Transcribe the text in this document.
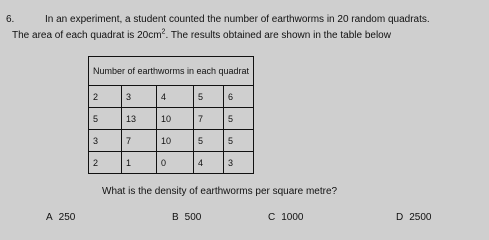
6.	In an experiment, a student counted the number of earthworms in 20 random quadrats.
The area of each quadrat is $20cm^2$. The results obtained are shown in the table below
Number of earthworms in each quadrat				
2	3	4	5	6
5	13	10	7	5
3	7	10	5	5
2	1	0	4	3
What is the density of earthworms per square metre?
A 250	B 500	C 1000	D 2500
